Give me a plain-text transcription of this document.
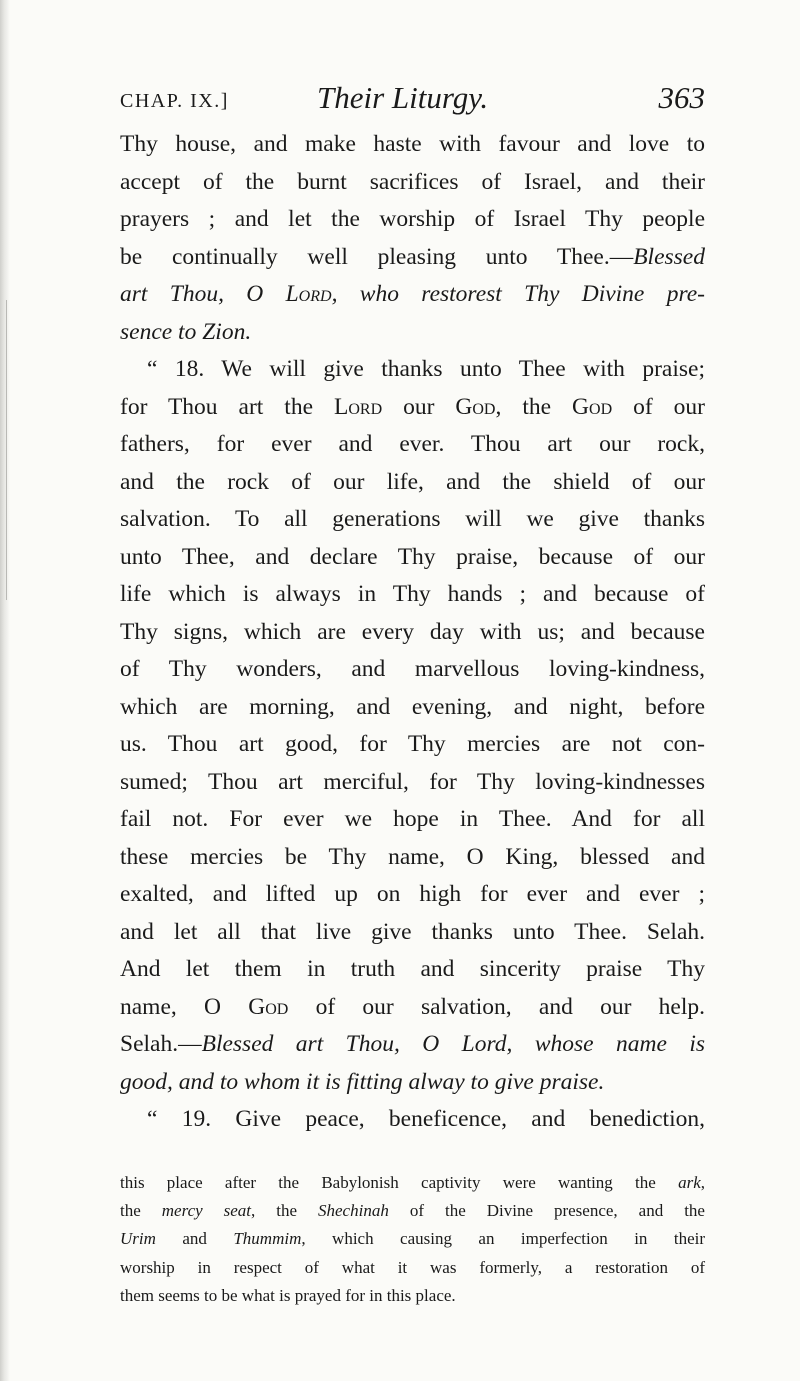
CHAP. IX.]	Their Liturgy.	363
Thy house, and make haste with favour and love to
accept of the burnt sacrifices of Israel, and their
prayers ; and let the worship of Israel Thy people
be continually well pleasing unto Thee.—Blessed
art Thou, O Lord, who restorest Thy Divine pre-
sence to Zion.
“ 18. We will give thanks unto Thee with praise;
for Thou art the Lord our God, the God of our
fathers, for ever and ever. Thou art our rock,
and the rock of our life, and the shield of our
salvation. To all generations will we give thanks
unto Thee, and declare Thy praise, because of our
life which is always in Thy hands ; and because of
Thy signs, which are every day with us; and because
of Thy wonders, and marvellous loving-kindness,
which are morning, and evening, and night, before
us. Thou art good, for Thy mercies are not con-
sumed; Thou art merciful, for Thy loving-kindnesses
fail not. For ever we hope in Thee. And for all
these mercies be Thy name, O King, blessed and
exalted, and lifted up on high for ever and ever ;
and let all that live give thanks unto Thee. Selah.
And let them in truth and sincerity praise Thy
name, O God of our salvation, and our help.
Selah.—Blessed art Thou, O Lord, whose name is
good, and to whom it is fitting alway to give praise.
“ 19. Give peace, beneficence, and benediction,
this place after the Babylonish captivity were wanting the ark,
the mercy seat, the Shechinah of the Divine presence, and the
Urim and Thummim, which causing an imperfection in their
worship in respect of what it was formerly, a restoration of
them seems to be what is prayed for in this place.
